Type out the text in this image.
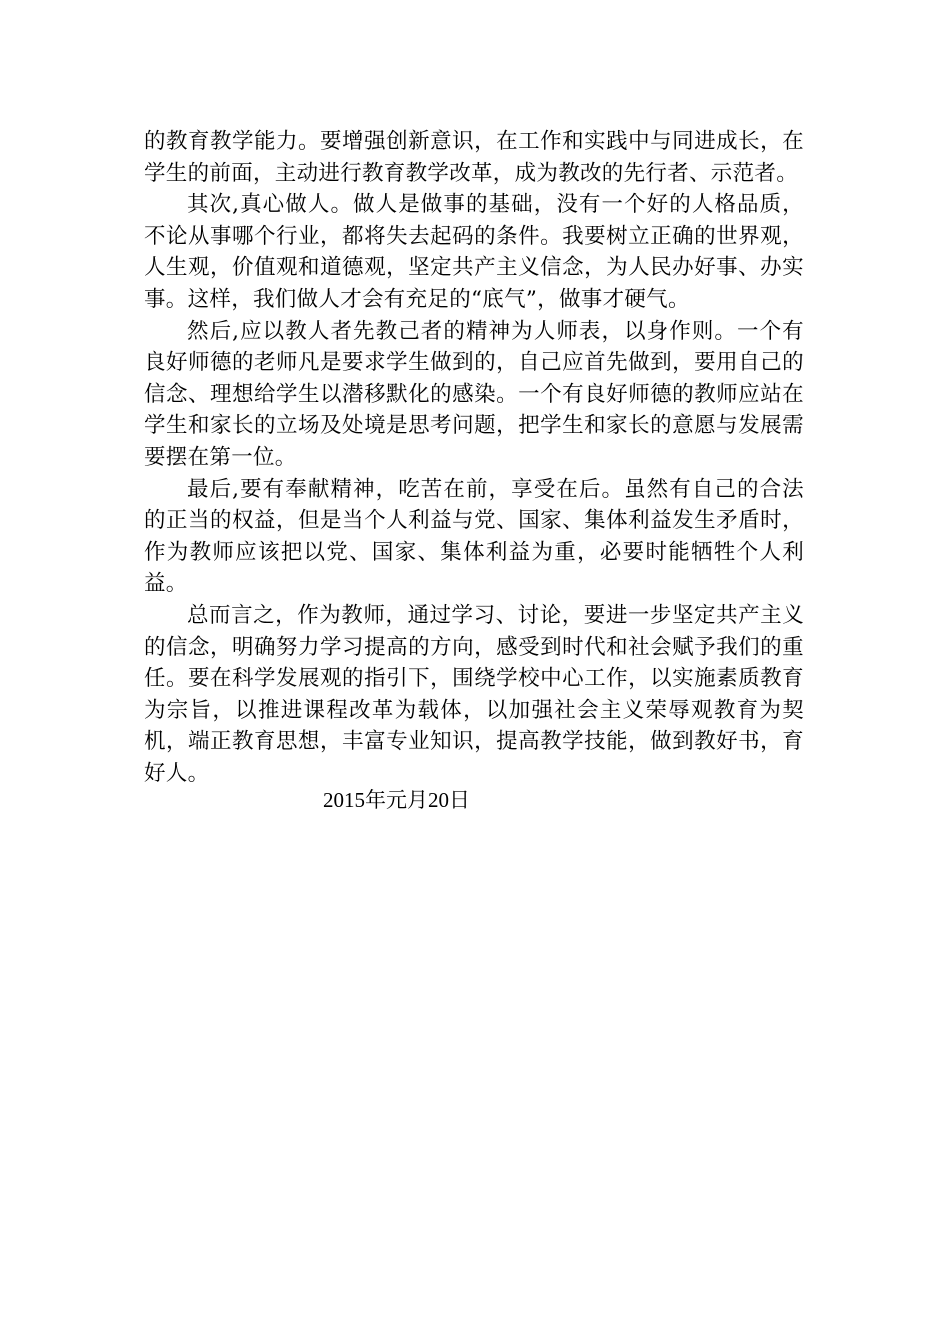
的教育教学能力。要增强创新意识，在工作和实践中与同进成长，在学生的前面，主动进行教育教学改革，成为教改的先行者、示范者。

其次,真心做人。做人是做事的基础，没有一个好的人格品质，不论从事哪个行业，都将失去起码的条件。我要树立正确的世界观，人生观，价值观和道德观，坚定共产主义信念，为人民办好事、办实事。这样，我们做人才会有充足的“底气”，做事才硬气。

然后,应以教人者先教己者的精神为人师表，以身作则。一个有良好师德的老师凡是要求学生做到的，自己应首先做到，要用自己的信念、理想给学生以潜移默化的感染。一个有良好师德的教师应站在学生和家长的立场及处境是思考问题，把学生和家长的意愿与发展需要摆在第一位。

最后,要有奉献精神，吃苦在前，享受在后。虽然有自己的合法的正当的权益，但是当个人利益与党、国家、集体利益发生矛盾时，作为教师应该把以党、国家、集体利益为重，必要时能牺牲个人利益。

总而言之，作为教师，通过学习、讨论，要进一步坚定共产主义的信念，明确努力学习提高的方向，感受到时代和社会赋予我们的重任。要在科学发展观的指引下，围绕学校中心工作，以实施素质教育为宗旨，以推进课程改革为载体，以加强社会主义荣辱观教育为契机，端正教育思想，丰富专业知识，提高教学技能，做到教好书，育好人。

2015年元月20日
